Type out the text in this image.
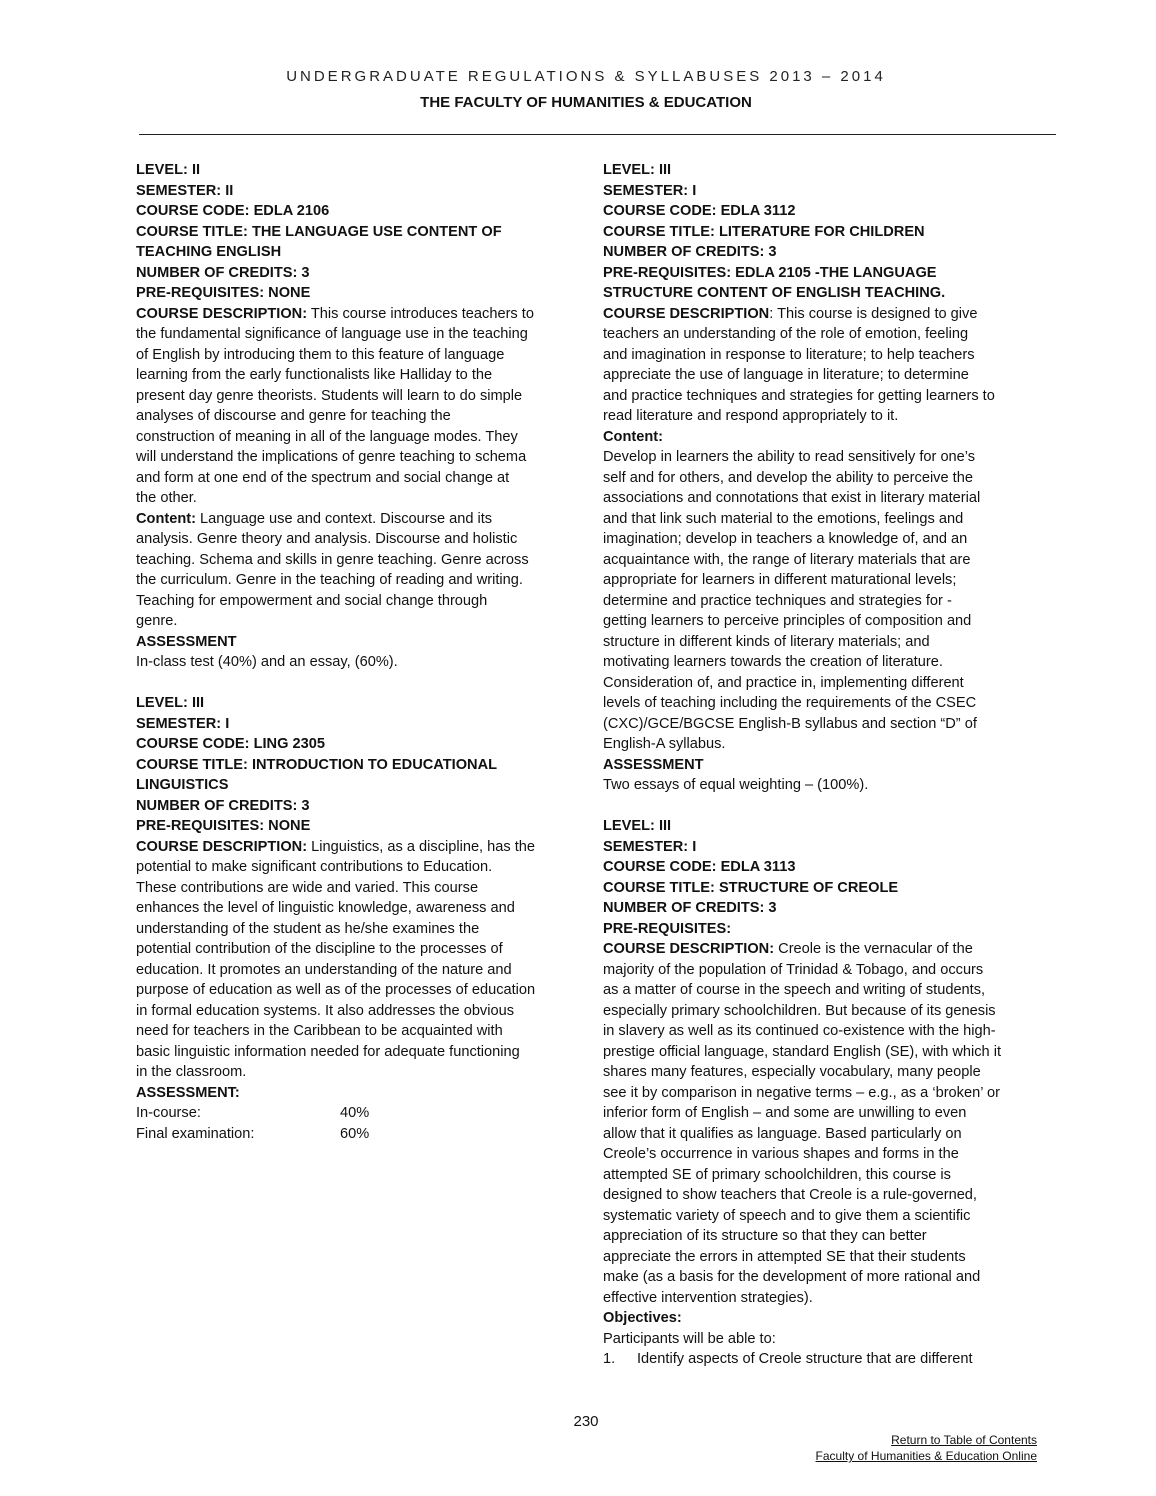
UNDERGRADUATE REGULATIONS & SYLLABUSES 2013 – 2014
THE FACULTY OF HUMANITIES & EDUCATION
LEVEL: II
SEMESTER: II
COURSE CODE: EDLA 2106
COURSE TITLE: THE LANGUAGE USE CONTENT OF
TEACHING ENGLISH
NUMBER OF CREDITS: 3
PRE-REQUISITES: NONE
COURSE DESCRIPTION: This course introduces teachers to
the fundamental significance of language use in the teaching
of English by introducing them to this feature of language
learning from the early functionalists like Halliday to the
present day genre theorists. Students will learn to do simple
analyses of discourse and genre for teaching the
construction of meaning in all of the language modes. They
will understand the implications of genre teaching to schema
and form at one end of the spectrum and social change at
the other.
Content: Language use and context. Discourse and its
analysis. Genre theory and analysis. Discourse and holistic
teaching. Schema and skills in genre teaching. Genre across
the curriculum. Genre in the teaching of reading and writing.
Teaching for empowerment and social change through
genre.
ASSESSMENT
In-class test (40%) and an essay, (60%).
LEVEL: III
SEMESTER: I
COURSE CODE: LING 2305
COURSE TITLE: INTRODUCTION TO EDUCATIONAL
LINGUISTICS
NUMBER OF CREDITS: 3
PRE-REQUISITES: NONE
COURSE DESCRIPTION: Linguistics, as a discipline, has the
potential to make significant contributions to Education.
These contributions are wide and varied. This course
enhances the level of linguistic knowledge, awareness and
understanding of the student as he/she examines the
potential contribution of the discipline to the processes of
education. It promotes an understanding of the nature and
purpose of education as well as of the processes of education
in formal education systems. It also addresses the obvious
need for teachers in the Caribbean to be acquainted with
basic linguistic information needed for adequate functioning
in the classroom.
ASSESSMENT:
In-course:	40%
Final examination:	60%
LEVEL: III
SEMESTER: I
COURSE CODE: EDLA 3112
COURSE TITLE: LITERATURE FOR CHILDREN
NUMBER OF CREDITS: 3
PRE-REQUISITES: EDLA 2105 -THE LANGUAGE
STRUCTURE CONTENT OF ENGLISH TEACHING.
COURSE DESCRIPTION: This course is designed to give
teachers an understanding of the role of emotion, feeling
and imagination in response to literature; to help teachers
appreciate the use of language in literature; to determine
and practice techniques and strategies for getting learners to
read literature and respond appropriately to it.
Content:
Develop in learners the ability to read sensitively for one’s
self and for others, and develop the ability to perceive the
associations and connotations that exist in literary material
and that link such material to the emotions, feelings and
imagination; develop in teachers a knowledge of, and an
acquaintance with, the range of literary materials that are
appropriate for learners in different maturational levels;
determine and practice techniques and strategies for -
getting learners to perceive principles of composition and
structure in different kinds of literary materials; and
motivating learners towards the creation of literature.
Consideration of, and practice in, implementing different
levels of teaching including the requirements of the CSEC
(CXC)/GCE/BGCSE English-B syllabus and section “D” of
English-A syllabus.
ASSESSMENT
Two essays of equal weighting – (100%).
LEVEL: III
SEMESTER: I
COURSE CODE: EDLA 3113
COURSE TITLE: STRUCTURE OF CREOLE
NUMBER OF CREDITS: 3
PRE-REQUISITES:
COURSE DESCRIPTION: Creole is the vernacular of the
majority of the population of Trinidad & Tobago, and occurs
as a matter of course in the speech and writing of students,
especially primary schoolchildren. But because of its genesis
in slavery as well as its continued co-existence with the high-
prestige official language, standard English (SE), with which it
shares many features, especially vocabulary, many people
see it by comparison in negative terms – e.g., as a ‘broken’ or
inferior form of English – and some are unwilling to even
allow that it qualifies as language. Based particularly on
Creole’s occurrence in various shapes and forms in the
attempted SE of primary schoolchildren, this course is
designed to show teachers that Creole is a rule-governed,
systematic variety of speech and to give them a scientific
appreciation of its structure so that they can better
appreciate the errors in attempted SE that their students
make (as a basis for the development of more rational and
effective intervention strategies).
Objectives:
Participants will be able to:
1.	Identify aspects of Creole structure that are different
230
Return to Table of Contents
Faculty of Humanities & Education Online
